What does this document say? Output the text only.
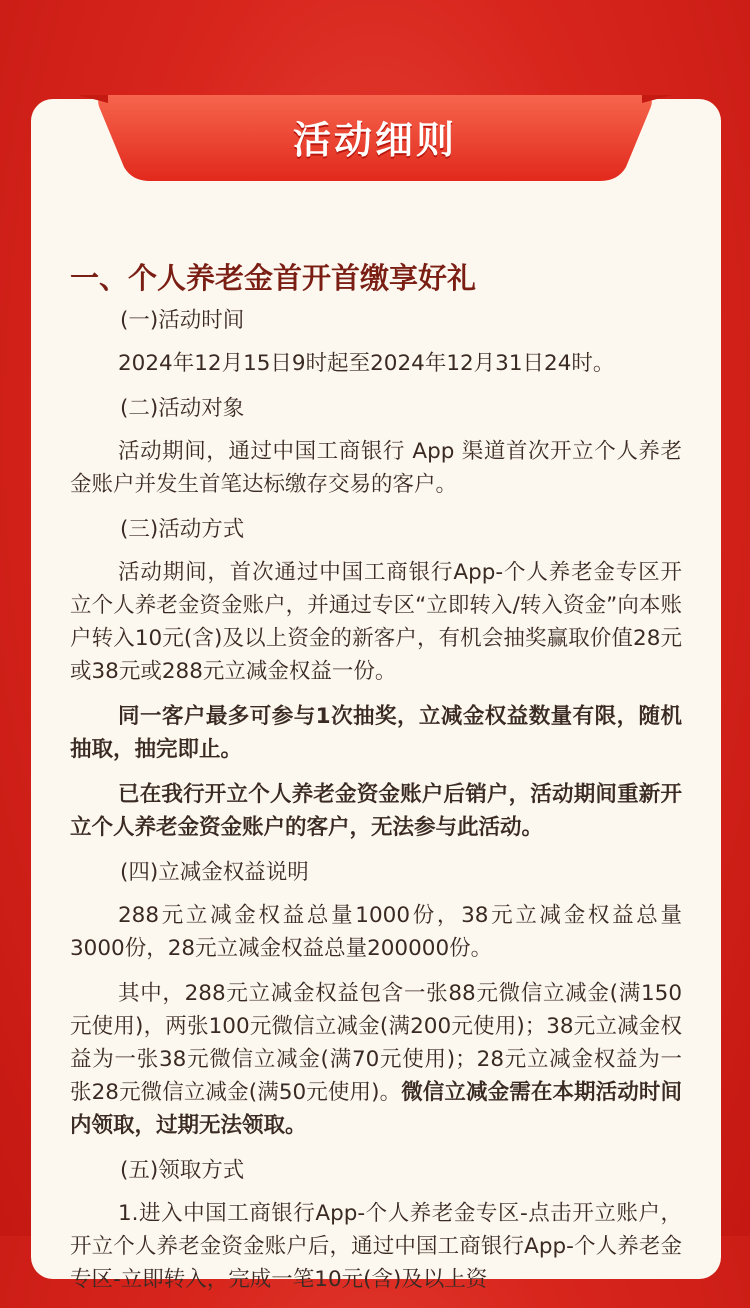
活动细则
一、个人养老金首开首缴享好礼

(一)活动时间

2024年12月15日9时起至2024年12月31日24时。

(二)活动对象

活动期间，通过中国工商银行 App 渠道首次开立个人养老金账户并发生首笔达标缴存交易的客户。

(三)活动方式

活动期间，首次通过中国工商银行App-个人养老金专区开立个人养老金资金账户，并通过专区“立即转入/转入资金”向本账户转入10元(含)及以上资金的新客户，有机会抽奖赢取价值28元或38元或288元立减金权益一份。

同一客户最多可参与1次抽奖，立减金权益数量有限，随机抽取，抽完即止。

已在我行开立个人养老金资金账户后销户，活动期间重新开立个人养老金资金账户的客户，无法参与此活动。

(四)立减金权益说明

288元立减金权益总量1000份，38元立减金权益总量3000份，28元立减金权益总量200000份。

其中，288元立减金权益包含一张88元微信立减金(满150元使用)，两张100元微信立减金(满200元使用)；38元立减金权益为一张38元微信立减金(满70元使用)；28元立减金权益为一张28元微信立减金(满50元使用)。微信立减金需在本期活动时间内领取，过期无法领取。

(五)领取方式

1.进入中国工商银行App-个人养老金专区-点击开立账户，开立个人养老金资金账户后，通过中国工商银行App-个人养老金专区-立即转入，完成一笔10元(含)及以上资
